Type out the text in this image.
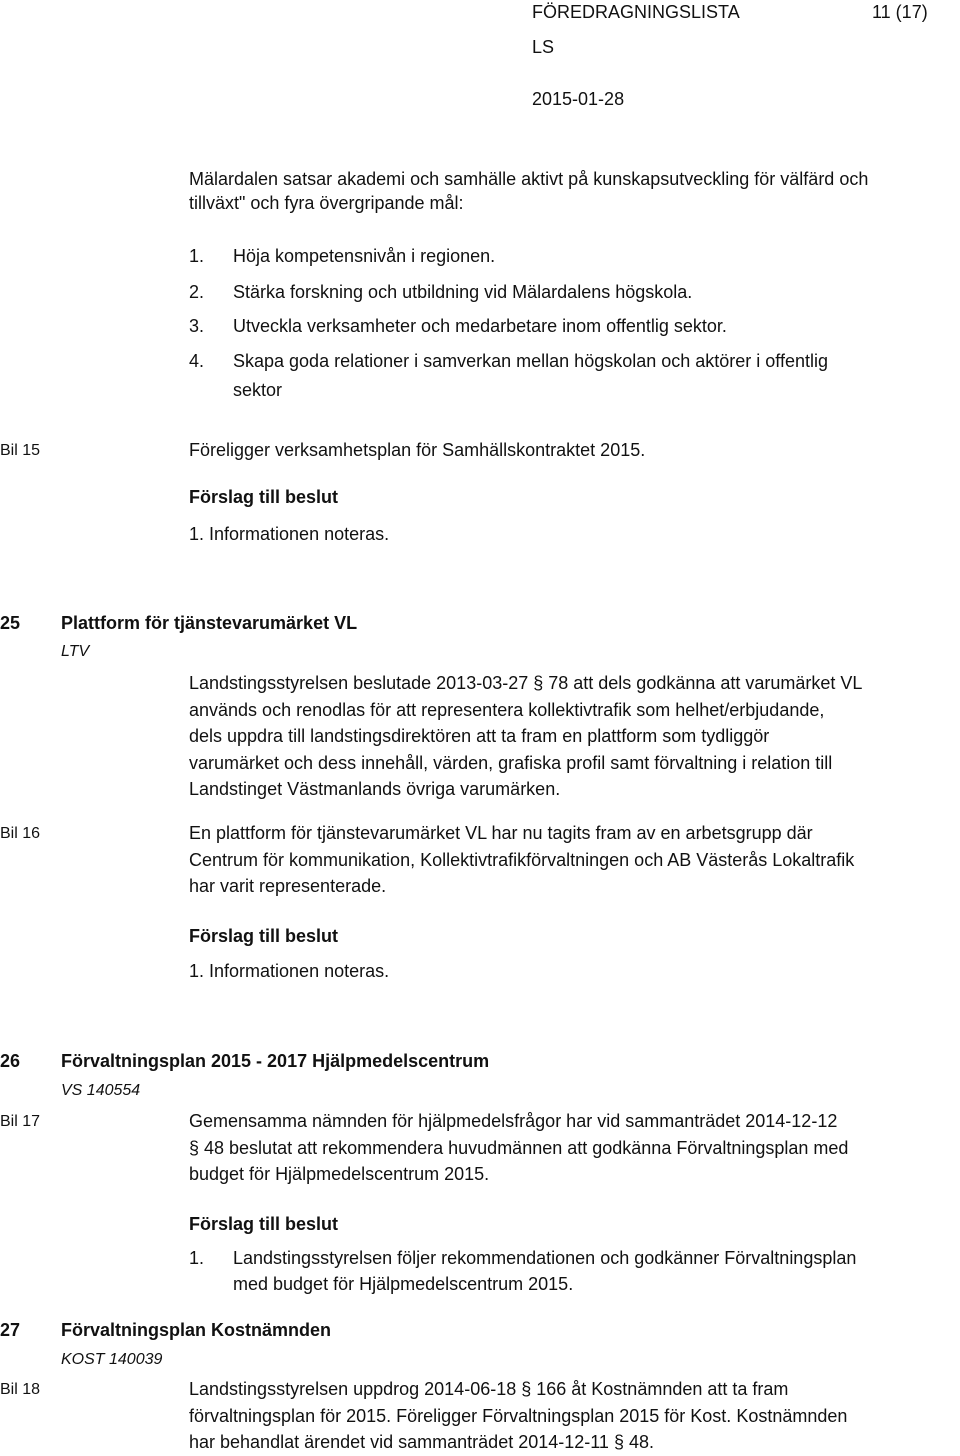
FÖREDRAGNINGSLISTA	11 (17)
LS
2015-01-28
Mälardalen satsar akademi och samhälle aktivt på kunskapsutveckling för välfärd och
tillväxt" och fyra övergripande mål:
1. Höja kompetensnivån i regionen.
2. Stärka forskning och utbildning vid Mälardalens högskola.
3. Utveckla verksamheter och medarbetare inom offentlig sektor.
4. Skapa goda relationer i samverkan mellan högskolan och aktörer i offentlig
sektor
Bil 15	Föreligger verksamhetsplan för Samhällskontraktet 2015.
Förslag till beslut
1. Informationen noteras.
25 Plattform för tjänstevarumärket VL
LTV
Landstingsstyrelsen beslutade 2013-03-27 § 78 att dels godkänna att varumärket VL
används och renodlas för att representera kollektivtrafik som helhet/erbjudande,
dels uppdra till landstingsdirektören att ta fram en plattform som tydliggör
varumärket och dess innehåll, värden, grafiska profil samt förvaltning i relation till
Landstinget Västmanlands övriga varumärken.
Bil 16	En plattform för tjänstevarumärket VL har nu tagits fram av en arbetsgrupp där
Centrum för kommunikation, Kollektivtrafikförvaltningen och AB Västerås Lokaltrafik
har varit representerade.
Förslag till beslut
1. Informationen noteras.
26 Förvaltningsplan 2015 - 2017 Hjälpmedelscentrum
VS 140554
Bil 17	Gemensamma nämnden för hjälpmedelsfrågor har vid sammanträdet 2014-12-12
§ 48 beslutat att rekommendera huvudmännen att godkänna Förvaltningsplan med
budget för Hjälpmedelscentrum 2015.
Förslag till beslut
1. Landstingsstyrelsen följer rekommendationen och godkänner Förvaltningsplan
med budget för Hjälpmedelscentrum 2015.
27 Förvaltningsplan Kostnämnden
KOST 140039
Bil 18	Landstingsstyrelsen uppdrog 2014-06-18 § 166 åt Kostnämnden att ta fram
förvaltningsplan för 2015. Föreligger Förvaltningsplan 2015 för Kost. Kostnämnden
har behandlat ärendet vid sammanträdet 2014-12-11 § 48.
